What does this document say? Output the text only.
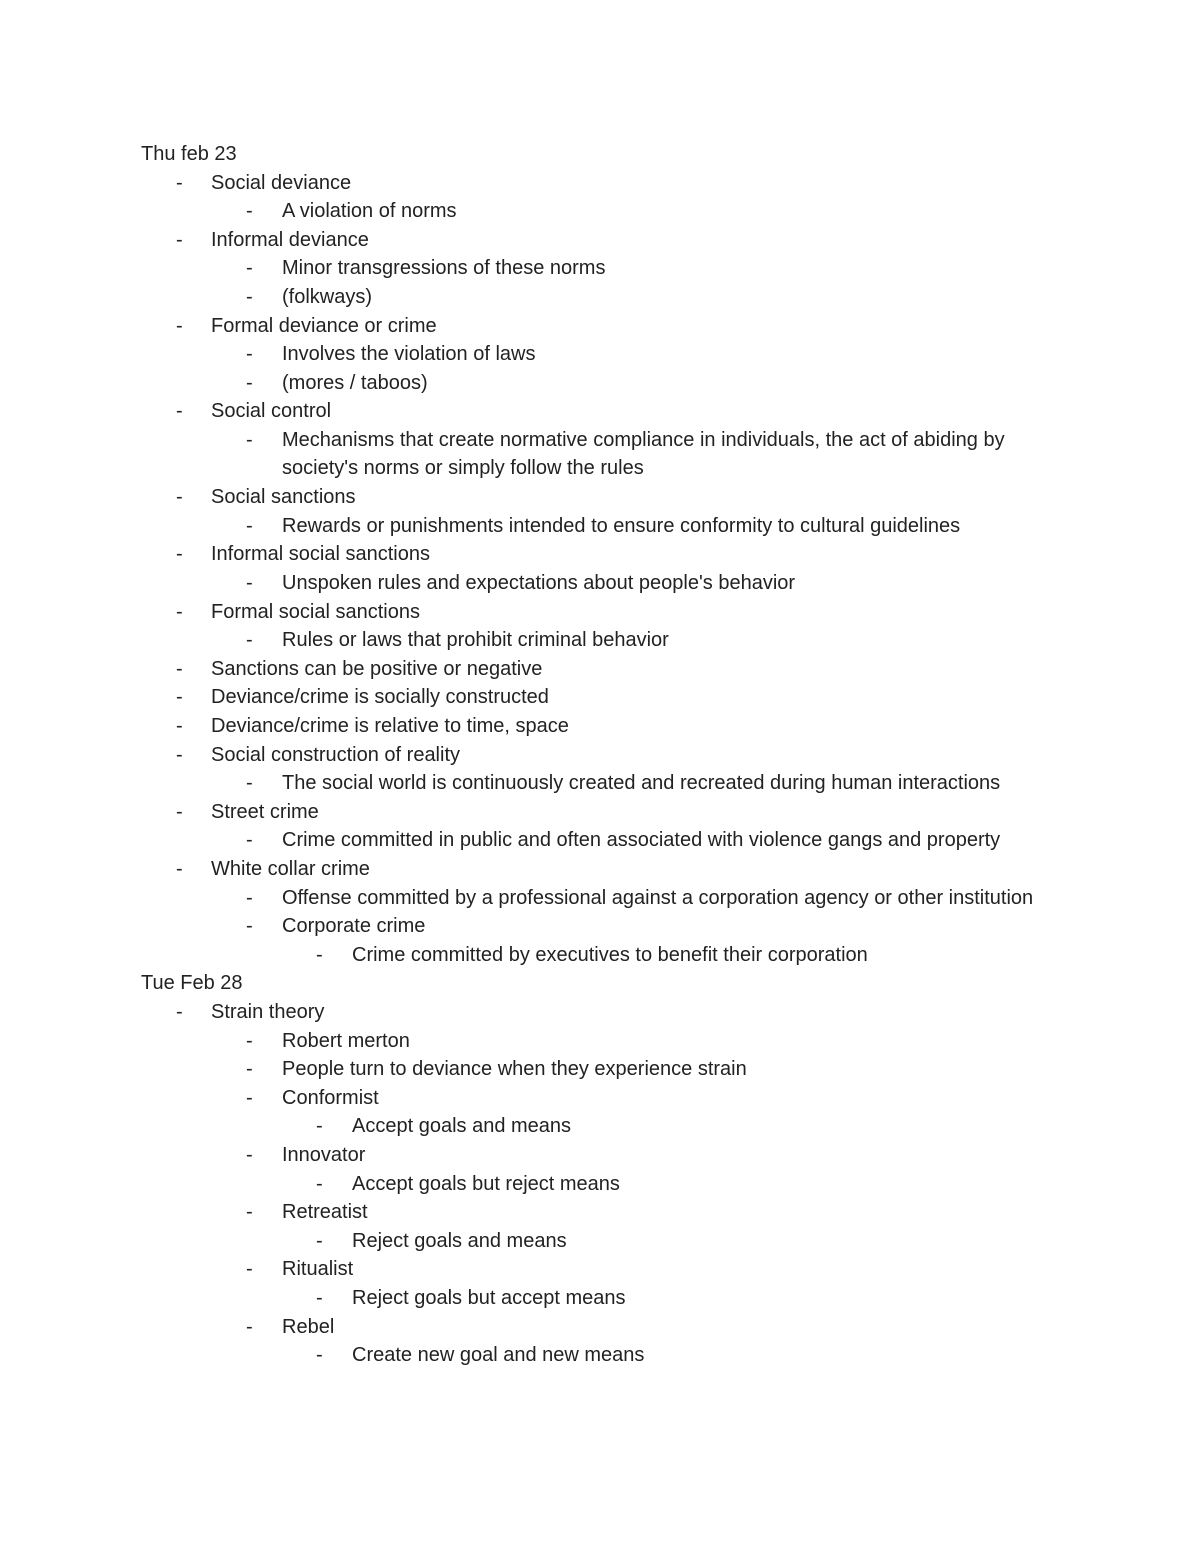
Thu feb 23
- Social deviance
- A violation of norms
- Informal deviance
- Minor transgressions of these norms
- (folkways)
- Formal deviance or crime
- Involves the violation of laws
- (mores / taboos)
- Social control
- Mechanisms that create normative compliance in individuals, the act of abiding by society's norms or simply follow the rules
- Social sanctions
- Rewards or punishments intended to ensure conformity to cultural guidelines
- Informal social sanctions
- Unspoken rules and expectations about people's behavior
- Formal social sanctions
- Rules or laws that prohibit criminal behavior
- Sanctions can be positive or negative
- Deviance/crime is socially constructed
- Deviance/crime is relative to time, space
- Social construction of reality
- The social world is continuously created and recreated during human interactions
- Street crime
- Crime committed in public and often associated with violence gangs and property
- White collar crime
- Offense committed by a professional against a corporation agency or other institution
- Corporate crime
- Crime committed by executives to benefit their corporation
Tue Feb 28
- Strain theory
- Robert merton
- People turn to deviance when they experience strain
- Conformist
- Accept goals and means
- Innovator
- Accept goals but reject means
- Retreatist
- Reject goals and means
- Ritualist
- Reject goals but accept means
- Rebel
- Create new goal and new means
